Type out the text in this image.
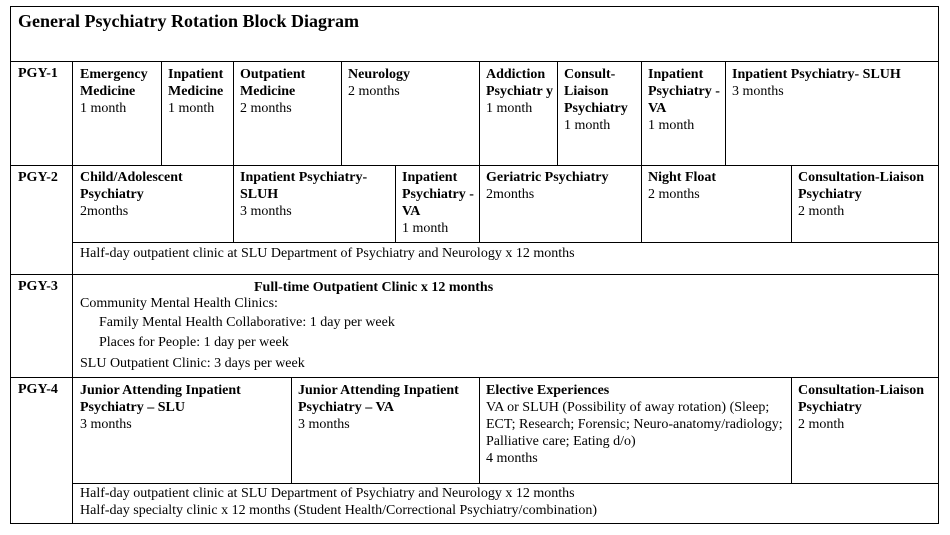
General Psychiatry Rotation Block Diagram
PGY-1 Emergency Medicine
1 month
Inpatient Medicine
1 month
Outpatient Medicine
2 months
Neurology
2 months
Addiction Psychiatr y
1 month
Consult-Liaison Psychiatry
1 month
Inpatient Psychiatry - VA
1 month
Inpatient Psychiatry- SLUH
3 months
PGY-2 Child/Adolescent Psychiatry
2months
Inpatient Psychiatry- SLUH
3 months
Inpatient Psychiatry - VA
1 month
Geriatric Psychiatry
2months
Night Float
2 months
Consultation-Liaison Psychiatry
2 month
Half-day outpatient clinic at SLU Department of Psychiatry and Neurology x 12 months
PGY-3	Full-time Outpatient Clinic x 12 months
Community Mental Health Clinics:
Family Mental Health Collaborative: 1 day per week
Places for People: 1 day per week
SLU Outpatient Clinic: 3 days per week
PGY-4 Junior Attending Inpatient Psychiatry – SLU
3 months
Junior Attending Inpatient Psychiatry – VA
3 months
Elective Experiences
VA or SLUH (Possibility of away rotation) (Sleep; ECT; Research; Forensic; Neuro-anatomy/radiology; Palliative care; Eating d/o)
4 months
Consultation-Liaison Psychiatry
2 month
Half-day outpatient clinic at SLU Department of Psychiatry and Neurology x 12 months
Half-day specialty clinic x 12 months (Student Health/Correctional Psychiatry/combination)
